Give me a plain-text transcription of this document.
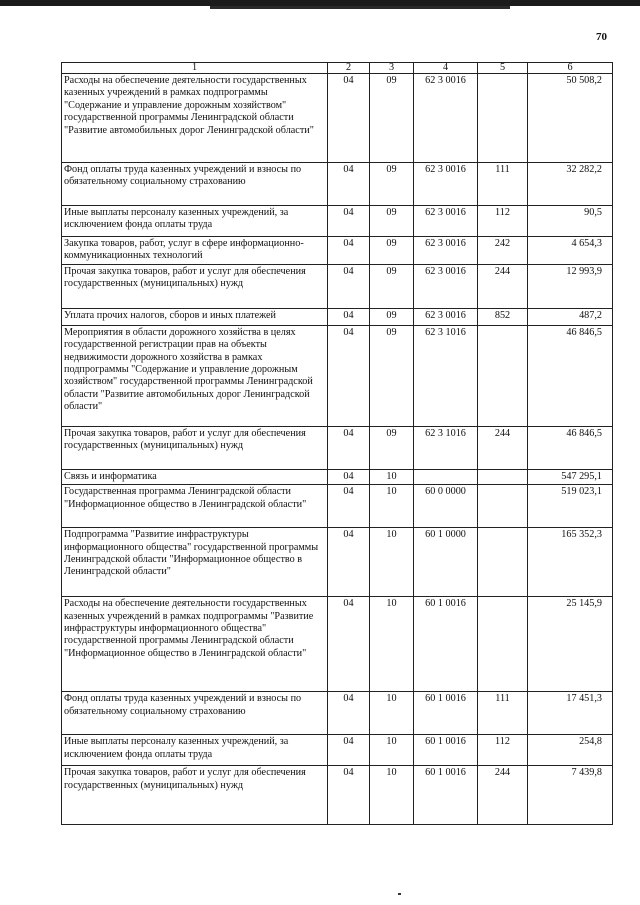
70
1	2	3	4	5	6
Расходы на обеспечение деятельности государственных казенных учреждений в рамках подпрограммы "Содержание и управление дорожным хозяйством" государственной программы Ленинградской области "Развитие автомобильных дорог Ленинградской области"	04	09	62 3 0016		50 508,2
Фонд оплаты труда казенных учреждений и взносы по обязательному социальному страхованию	04	09	62 3 0016	111	32 282,2
Иные выплаты персоналу казенных учреждений, за исключением фонда оплаты труда	04	09	62 3 0016	112	90,5
Закупка товаров, работ, услуг в сфере информационно-коммуникационных технологий	04	09	62 3 0016	242	4 654,3
Прочая закупка товаров, работ и услуг для обеспечения государственных (муниципальных) нужд	04	09	62 3 0016	244	12 993,9
Уплата прочих налогов, сборов и иных платежей	04	09	62 3 0016	852	487,2
Мероприятия в области дорожного хозяйства в целях государственной регистрации прав на объекты недвижимости дорожного хозяйства в рамках подпрограммы "Содержание и управление дорожным хозяйством" государственной программы Ленинградской области "Развитие автомобильных дорог Ленинградской области"	04	09	62 3 1016		46 846,5
Прочая закупка товаров, работ и услуг для обеспечения государственных (муниципальных) нужд	04	09	62 3 1016	244	46 846,5
Связь и информатика	04	10			547 295,1
Государственная программа Ленинградской области "Информационное общество в Ленинградской области"	04	10	60 0 0000		519 023,1
Подпрограмма "Развитие инфраструктуры информационного общества" государственной программы Ленинградской области "Информационное общество в Ленинградской области"	04	10	60 1 0000		165 352,3
Расходы на обеспечение деятельности государственных казенных учреждений в рамках подпрограммы "Развитие инфраструктуры информационного общества" государственной программы Ленинградской области "Информационное общество в Ленинградской области"	04	10	60 1 0016		25 145,9
Фонд оплаты труда казенных учреждений и взносы по обязательному социальному страхованию	04	10	60 1 0016	111	17 451,3
Иные выплаты персоналу казенных учреждений, за исключением фонда оплаты труда	04	10	60 1 0016	112	254,8
Прочая закупка товаров, работ и услуг для обеспечения государственных (муниципальных) нужд	04	10	60 1 0016	244	7 439,8
